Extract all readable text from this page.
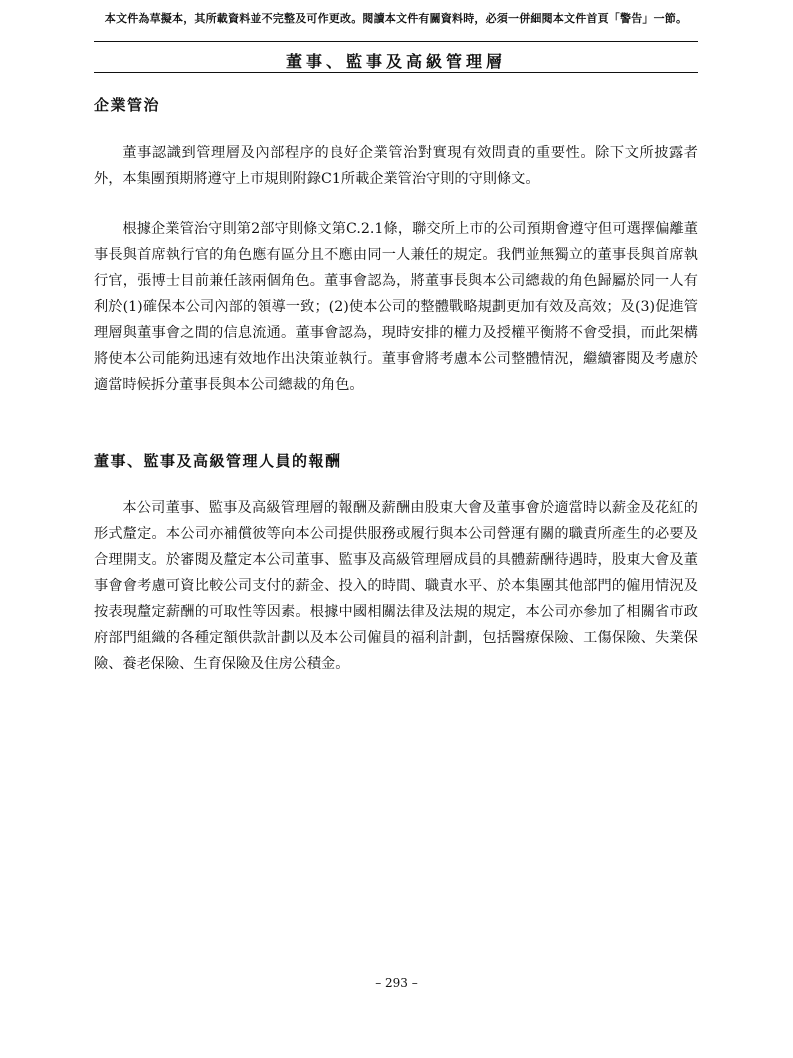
本文件為草擬本，其所載資料並不完整及可作更改。閱讀本文件有關資料時，必須一併細閱本文件首頁「警告」一節。
董事、監事及高級管理層
企業管治

董事認識到管理層及內部程序的良好企業管治對實現有效問責的重要性。除下文所披露者外，本集團預期將遵守上市規則附錄C1所載企業管治守則的守則條文。

根據企業管治守則第2部守則條文第C.2.1條，聯交所上市的公司預期會遵守但可選擇偏離董事長與首席執行官的角色應有區分且不應由同一人兼任的規定。我們並無獨立的董事長與首席執行官，張博士目前兼任該兩個角色。董事會認為，將董事長與本公司總裁的角色歸屬於同一人有利於(1)確保本公司內部的領導一致；(2)使本公司的整體戰略規劃更加有效及高效；及(3)促進管理層與董事會之間的信息流通。董事會認為，現時安排的權力及授權平衡將不會受損，而此架構將使本公司能夠迅速有效地作出決策並執行。董事會將考慮本公司整體情況，繼續審閱及考慮於適當時候拆分董事長與本公司總裁的角色。

董事、監事及高級管理人員的報酬

本公司董事、監事及高級管理層的報酬及薪酬由股東大會及董事會於適當時以薪金及花紅的形式釐定。本公司亦補償彼等向本公司提供服務或履行與本公司營運有關的職責所產生的必要及合理開支。於審閱及釐定本公司董事、監事及高級管理層成員的具體薪酬待遇時，股東大會及董事會會考慮可資比較公司支付的薪金、投入的時間、職責水平、於本集團其他部門的僱用情況及按表現釐定薪酬的可取性等因素。根據中國相關法律及法規的規定，本公司亦參加了相關省市政府部門組織的各種定額供款計劃以及本公司僱員的福利計劃，包括醫療保險、工傷保險、失業保險、養老保險、生育保險及住房公積金。

– 293 –
